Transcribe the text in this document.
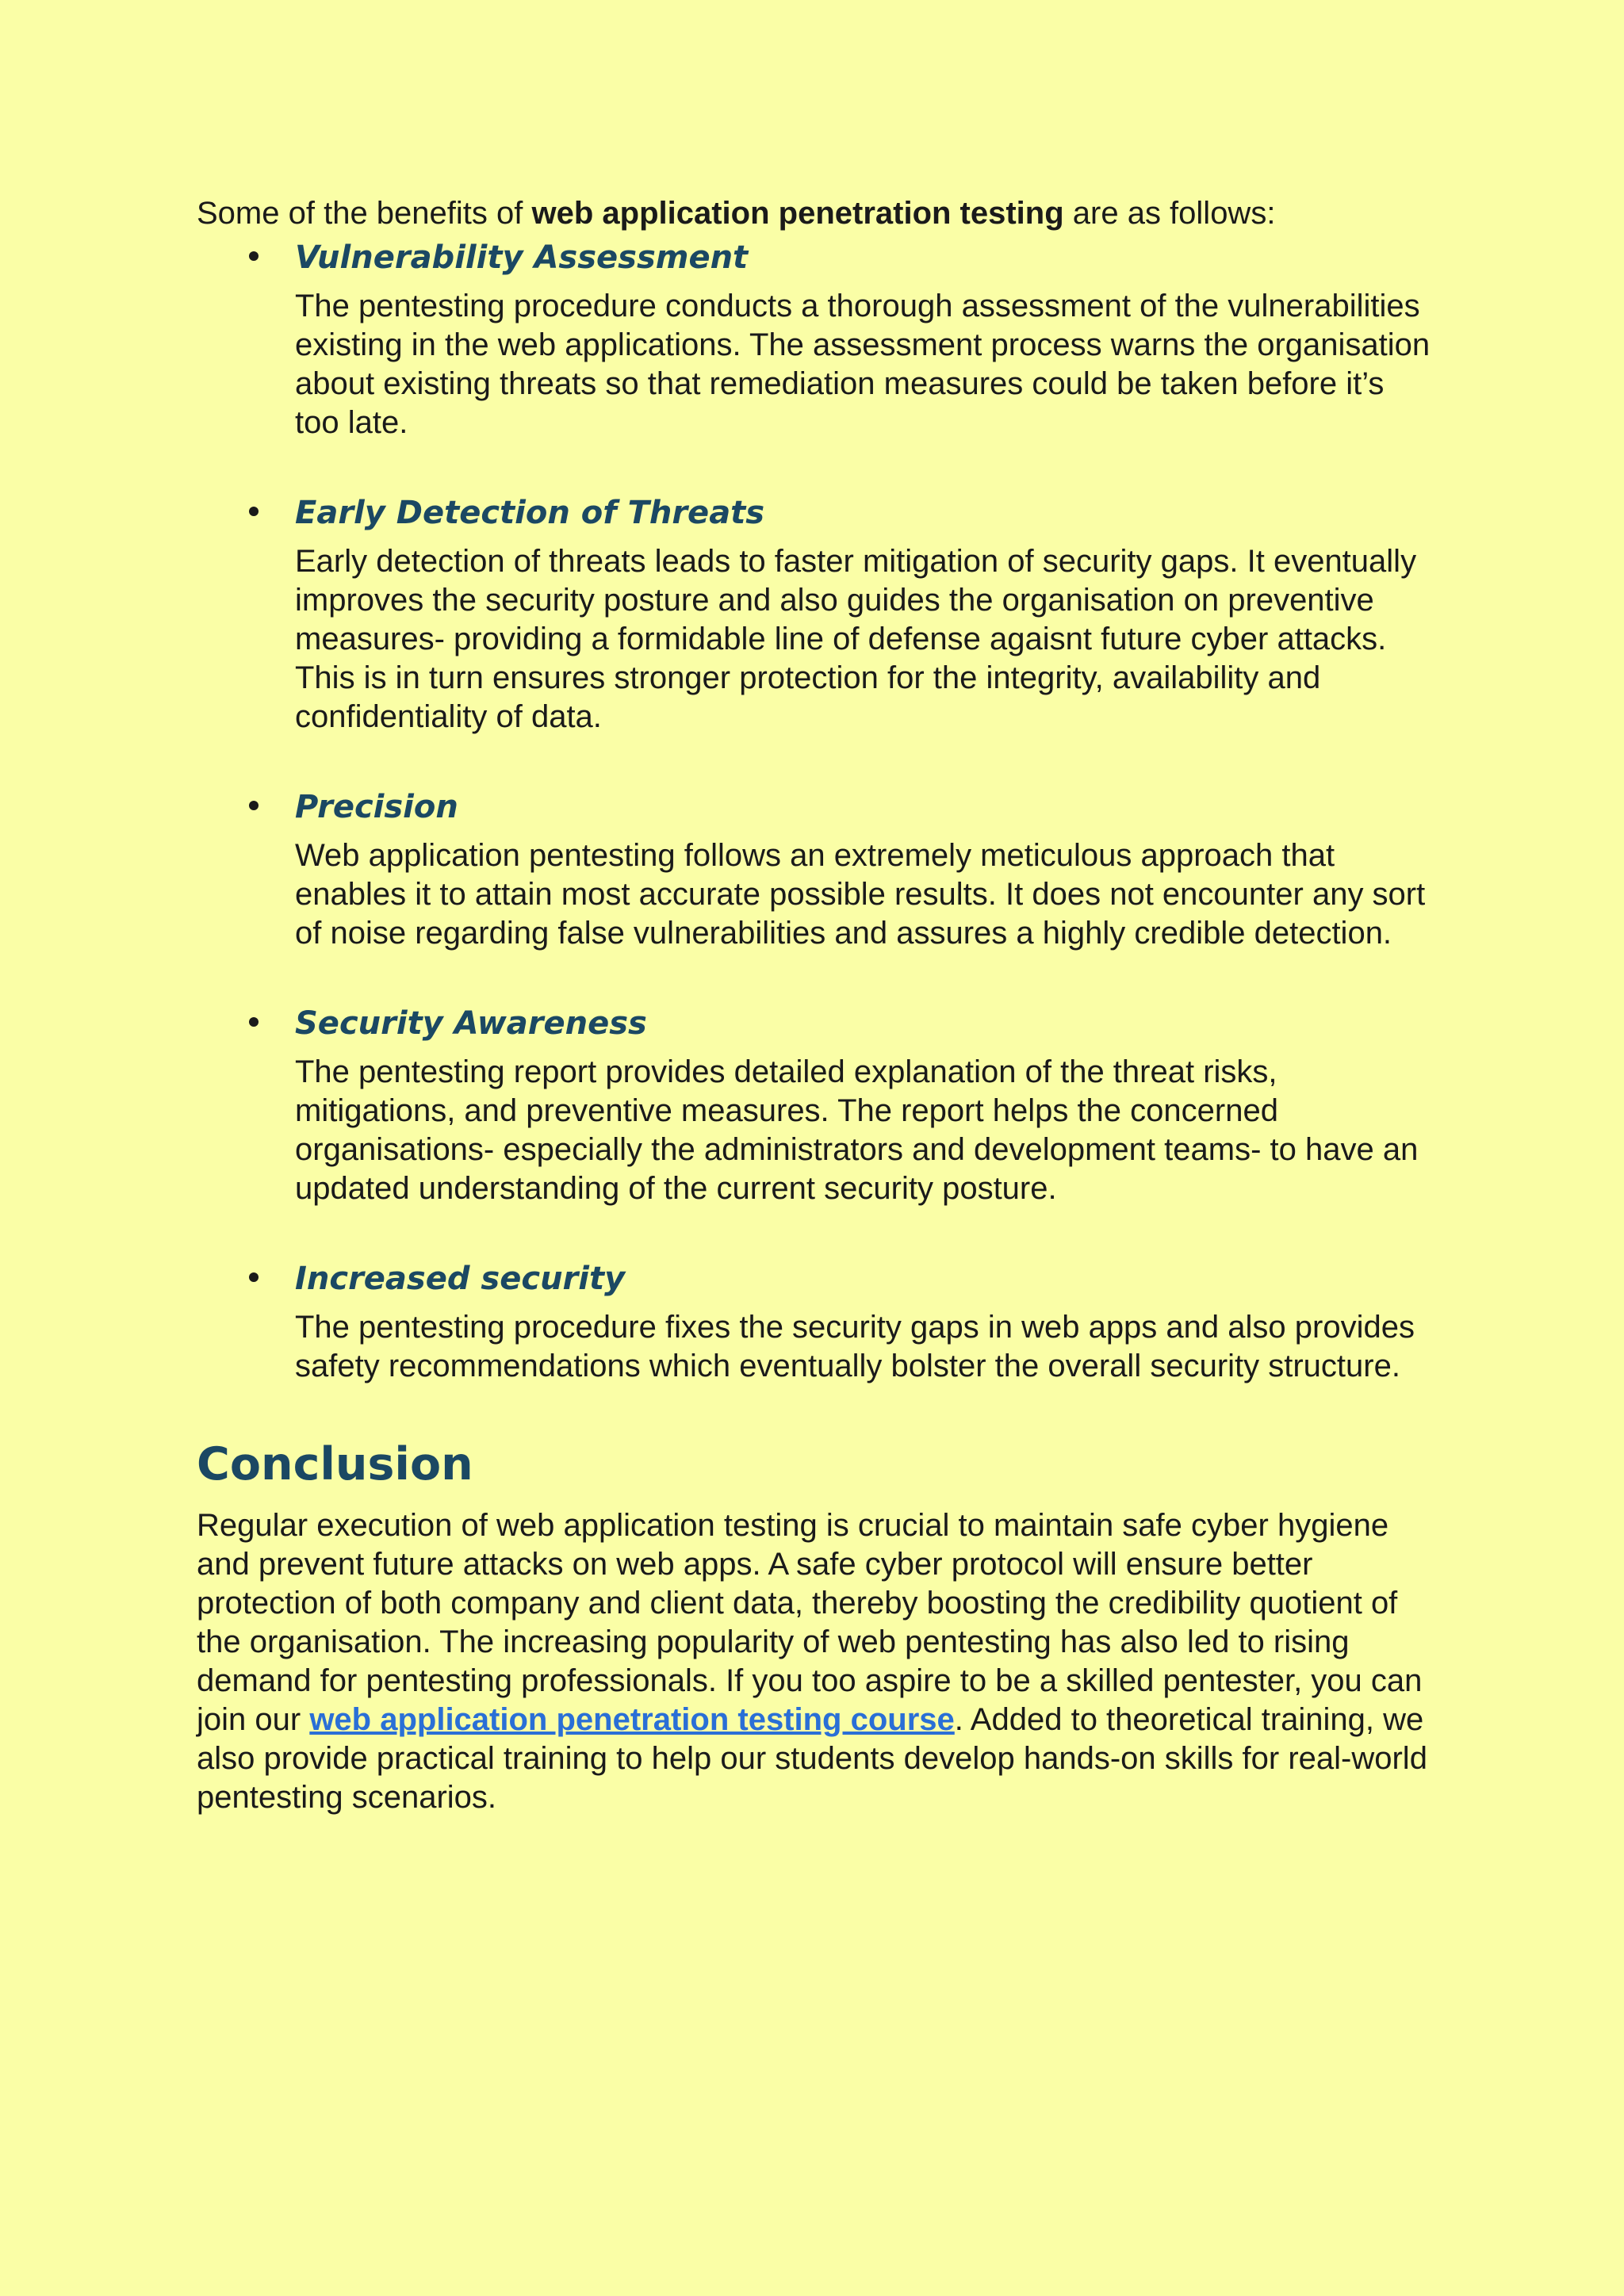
Some of the benefits of web application penetration testing are as follows:

Vulnerability Assessment

The pentesting procedure conducts a thorough assessment of the vulnerabilities existing in the web applications. The assessment process warns the organisation about existing threats so that remediation measures could be taken before it’s too late.

Early Detection of Threats

Early detection of threats leads to faster mitigation of security gaps. It eventually improves the security posture and also guides the organisation on preventive measures- providing a formidable line of defense agaisnt future cyber attacks. This is in turn ensures stronger protection for the integrity, availability and confidentiality of data.

Precision

Web application pentesting follows an extremely meticulous approach that enables it to attain most accurate possible results. It does not encounter any sort of noise regarding false vulnerabilities and assures a highly credible detection.

Security Awareness

The pentesting report provides detailed explanation of the threat risks, mitigations, and preventive measures. The report helps the concerned organisations- especially the administrators and development teams- to have an updated understanding of the current security posture.

Increased security

The pentesting procedure fixes the security gaps in web apps and also provides safety recommendations which eventually bolster the overall security structure.

Conclusion

Regular execution of web application testing is crucial to maintain safe cyber hygiene and prevent future attacks on web apps. A safe cyber protocol will ensure better protection of both company and client data, thereby boosting the credibility quotient of the organisation. The increasing popularity of web pentesting has also led to rising demand for pentesting professionals. If you too aspire to be a skilled pentester, you can join our web application penetration testing course. Added to theoretical training, we also provide practical training to help our students develop hands-on skills for real-world pentesting scenarios.
